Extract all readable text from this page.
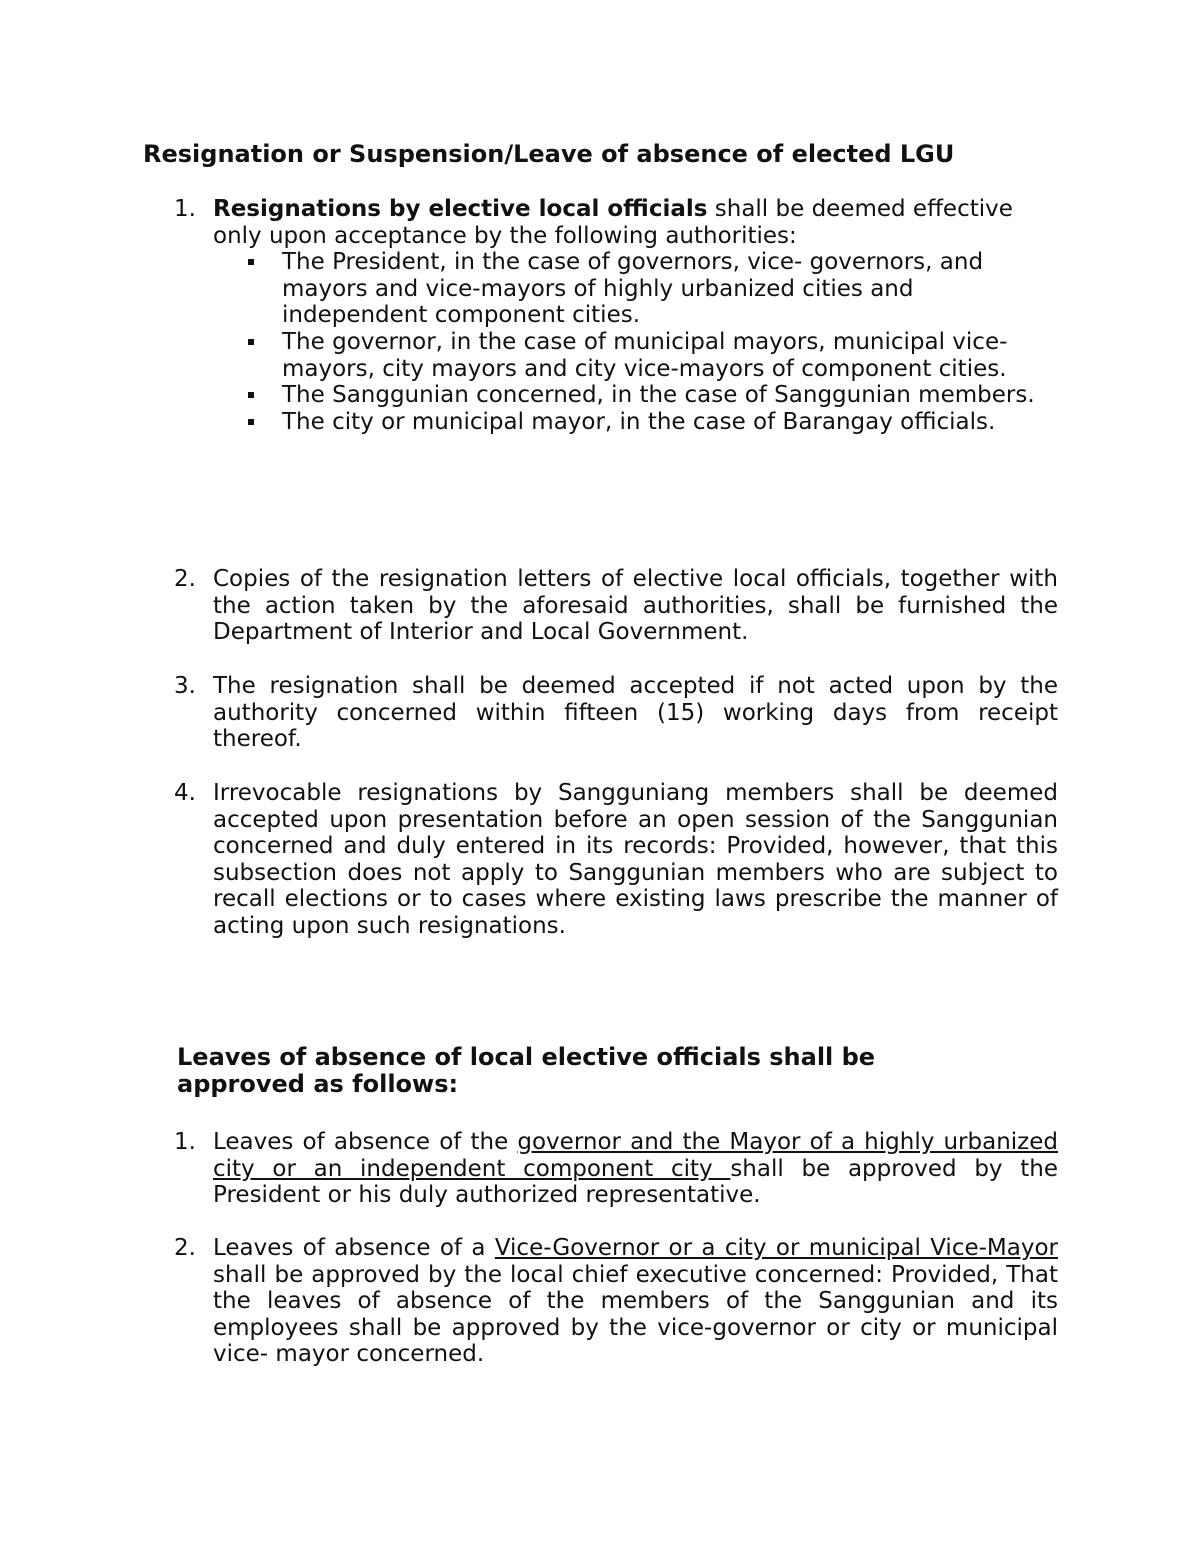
Resignation or Suspension/Leave of absence of elected LGU
1. Resignations by elective local officials shall be deemed effective only upon acceptance by the following authorities:
The President, in the case of governors, vice- governors, and mayors and vice-mayors of highly urbanized cities and independent component cities.
The governor, in the case of municipal mayors, municipal vice-mayors, city mayors and city vice-mayors of component cities.
The Sanggunian concerned, in the case of Sanggunian members.
The city or municipal mayor, in the case of Barangay officials.
2. Copies of the resignation letters of elective local officials, together with the action taken by the aforesaid authorities, shall be furnished the Department of Interior and Local Government.
3. The resignation shall be deemed accepted if not acted upon by the authority concerned within fifteen (15) working days from receipt thereof.
4. Irrevocable resignations by Sangguniang members shall be deemed accepted upon presentation before an open session of the Sanggunian concerned and duly entered in its records: Provided, however, that this subsection does not apply to Sanggunian members who are subject to recall elections or to cases where existing laws prescribe the manner of acting upon such resignations.
Leaves of absence of local elective officials shall be approved as follows:
1. Leaves of absence of the governor and the Mayor of a highly urbanized city or an independent component city shall be approved by the President or his duly authorized representative.
2. Leaves of absence of a Vice-Governor or a city or municipal Vice-Mayor shall be approved by the local chief executive concerned: Provided, That the leaves of absence of the members of the Sanggunian and its employees shall be approved by the vice-governor or city or municipal vice- mayor concerned.
